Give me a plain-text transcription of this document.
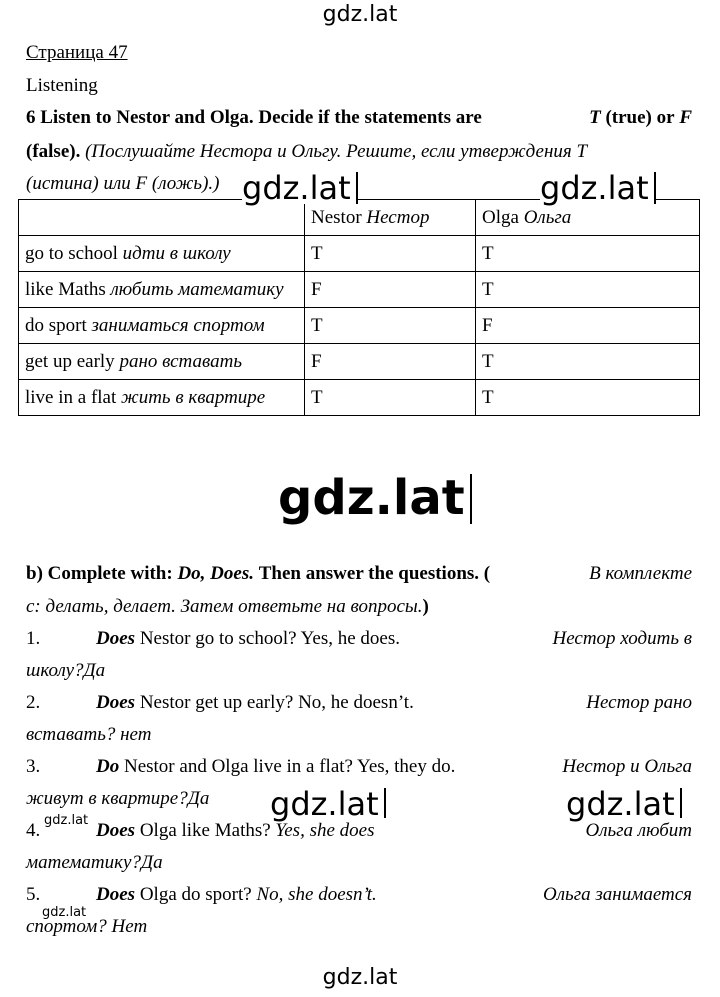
gdz.lat
gdz.lat
Страница 47
Listening
6 Listen to Nestor and Olga. Decide if the statements are	T (true) or F
(false). (Послушайте Нестора и Ольгу. Решите, если утверждения T
(истина) или F (ложь).)
	Nestor Нестор	Olga Ольга
go to school идти в школу	T	T
like Maths любить математику	F	T
do sport заниматься спортом	T	F
get up early рано вставать	F	T
live in a flat жить в квартире	T	T
gdz.lat	gdz.lat
gdz.lat
b) Complete with: Do, Does. Then answer the questions. (	В комплекте
с: делать, делает. Затем ответьте на вопросы.)
1.	Does Nestor go to school? Yes, he does.	Нестор ходить в
школу?Да
2.	Does Nestor get up early? No, he doesn’t.	Нестор рано
вставать? нет
3.	Do Nestor and Olga live in a flat? Yes, they do.	Нестор и Ольга
живут в квартире?Да
4.	Does Olga like Maths? Yes, she does	Ольга любит
математику?Да
5.	Does Olga do sport? No, she doesn’t.	Ольга занимается
спортом? Нет
gdz.lat	gdz.lat
gdz.lat
gdz.lat
